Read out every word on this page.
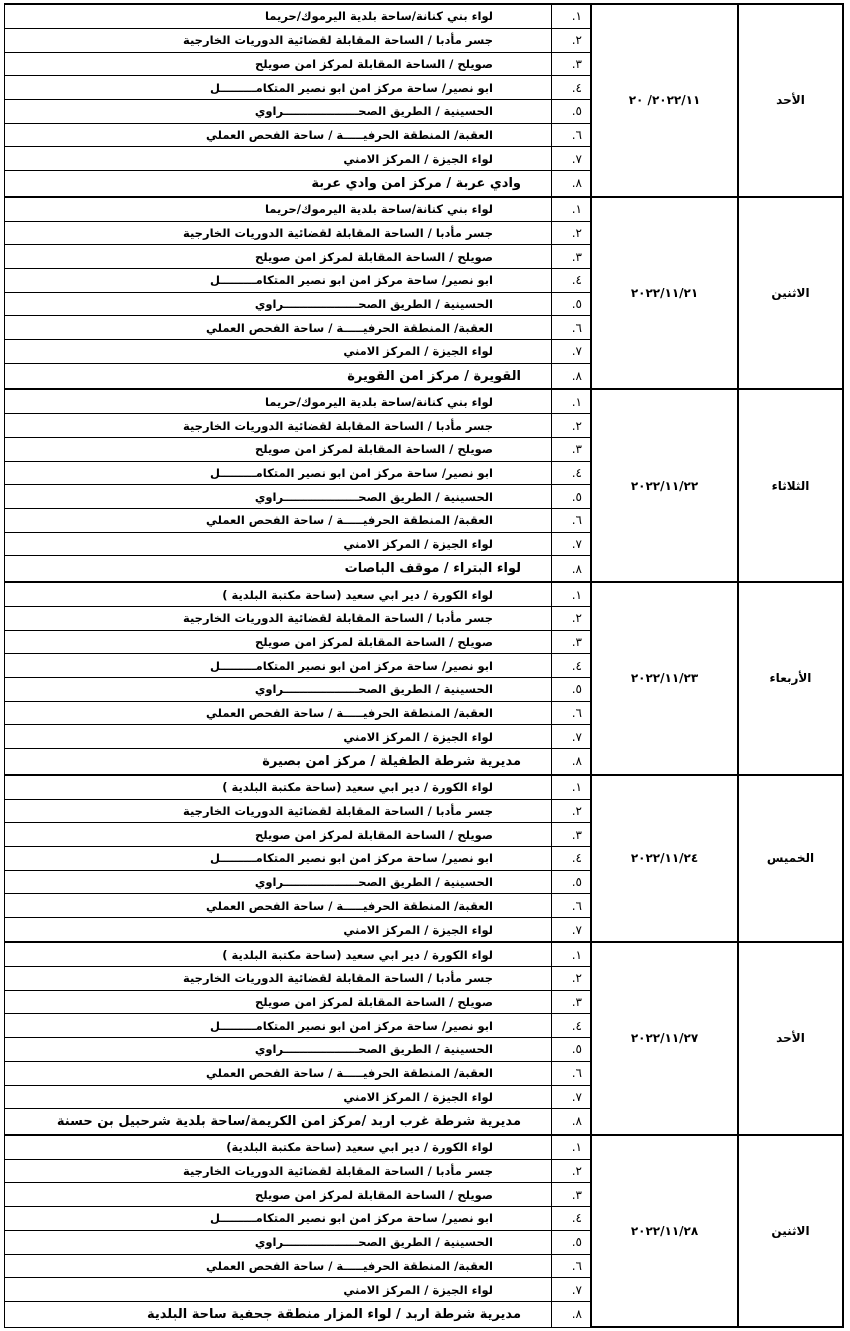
الأحد	٢٠٢٢/١١/ ٢٠	١.	لواء بني كنانة/ساحة بلدية اليرموك/حريما
		٢.	جسر مأدبا / الساحة المقابلة لقضائية الدوريات الخارجية
		٣.	صويلح / الساحة المقابلة لمركز امن صويلح
		٤.	ابو نصير/ ساحة مركز امن ابو نصير المتكامـــــــــل
		٥.	الحسينية / الطريق الصحـــــــــــــــــــراوي
		٦.	العقبة/ المنطقة الحرفيـــــة / ساحة الفحص العملي
		٧.	لواء الجيزة / المركز الامني
		٨.	وادي عربة / مركز امن وادي عربة
الاثنين	٢٠٢٢/١١/٢١	١.	لواء بني كنانة/ساحة بلدية اليرموك/حريما
		٢.	جسر مأدبا / الساحة المقابلة لقضائية الدوريات الخارجية
		٣.	صويلح / الساحة المقابلة لمركز امن صويلح
		٤.	ابو نصير/ ساحة مركز امن ابو نصير المتكامـــــــــل
		٥.	الحسينية / الطريق الصحـــــــــــــــــــراوي
		٦.	العقبة/ المنطقة الحرفيـــــة / ساحة الفحص العملي
		٧.	لواء الجيزة / المركز الامني
		٨.	القويرة / مركز امن القويرة
الثلاثاء	٢٠٢٢/١١/٢٢	١.	لواء بني كنانة/ساحة بلدية اليرموك/حريما
		٢.	جسر مأدبا / الساحة المقابلة لقضائية الدوريات الخارجية
		٣.	صويلح / الساحة المقابلة لمركز امن صويلح
		٤.	ابو نصير/ ساحة مركز امن ابو نصير المتكامـــــــــل
		٥.	الحسينية / الطريق الصحـــــــــــــــــــراوي
		٦.	العقبة/ المنطقة الحرفيـــــة / ساحة الفحص العملي
		٧.	لواء الجيزة / المركز الامني
		٨.	لواء البتراء / موقف الباصات
الأربعاء	٢٠٢٢/١١/٢٣	١.	لواء الكورة / دير ابي سعيد (ساحة مكتبة البلدية )
		٢.	جسر مأدبا / الساحة المقابلة لقضائية الدوريات الخارجية
		٣.	صويلح / الساحة المقابلة لمركز امن صويلح
		٤.	ابو نصير/ ساحة مركز امن ابو نصير المتكامـــــــــل
		٥.	الحسينية / الطريق الصحـــــــــــــــــــراوي
		٦.	العقبة/ المنطقة الحرفيـــــة / ساحة الفحص العملي
		٧.	لواء الجيزة / المركز الامني
		٨.	مديرية شرطة الطفيلة / مركز امن بصيرة
الخميس	٢٠٢٢/١١/٢٤	١.	لواء الكورة / دير ابي سعيد (ساحة مكتبة البلدية )
		٢.	جسر مأدبا / الساحة المقابلة لقضائية الدوريات الخارجية
		٣.	صويلح / الساحة المقابلة لمركز امن صويلح
		٤.	ابو نصير/ ساحة مركز امن ابو نصير المتكامـــــــــل
		٥.	الحسينية / الطريق الصحـــــــــــــــــــراوي
		٦.	العقبة/ المنطقة الحرفيـــــة / ساحة الفحص العملي
		٧.	لواء الجيزة / المركز الامني
الأحد	٢٠٢٢/١١/٢٧	١.	لواء الكورة / دير ابي سعيد (ساحة مكتبة البلدية )
		٢.	جسر مأدبا / الساحة المقابلة لقضائية الدوريات الخارجية
		٣.	صويلح / الساحة المقابلة لمركز امن صويلح
		٤.	ابو نصير/ ساحة مركز امن ابو نصير المتكامـــــــــل
		٥.	الحسينية / الطريق الصحـــــــــــــــــــراوي
		٦.	العقبة/ المنطقة الحرفيـــــة / ساحة الفحص العملي
		٧.	لواء الجيزة / المركز الامني
		٨.	مديرية شرطة غرب اربد /مركز امن الكريمة/ساحة بلدية شرحبيل بن حسنة
الاثنين	٢٠٢٢/١١/٢٨	١.	لواء الكورة / دير ابي سعيد (ساحة مكتبة البلدية)
		٢.	جسر مأدبا / الساحة المقابلة لقضائية الدوريات الخارجية
		٣.	صويلح / الساحة المقابلة لمركز امن صويلح
		٤.	ابو نصير/ ساحة مركز امن ابو نصير المتكامـــــــــل
		٥.	الحسينية / الطريق الصحـــــــــــــــــــراوي
		٦.	العقبة/ المنطقة الحرفيـــــة / ساحة الفحص العملي
		٧.	لواء الجيزة / المركز الامني
		٨.	مديرية شرطة اربد / لواء المزار منطقة جحفية ساحة البلدية
